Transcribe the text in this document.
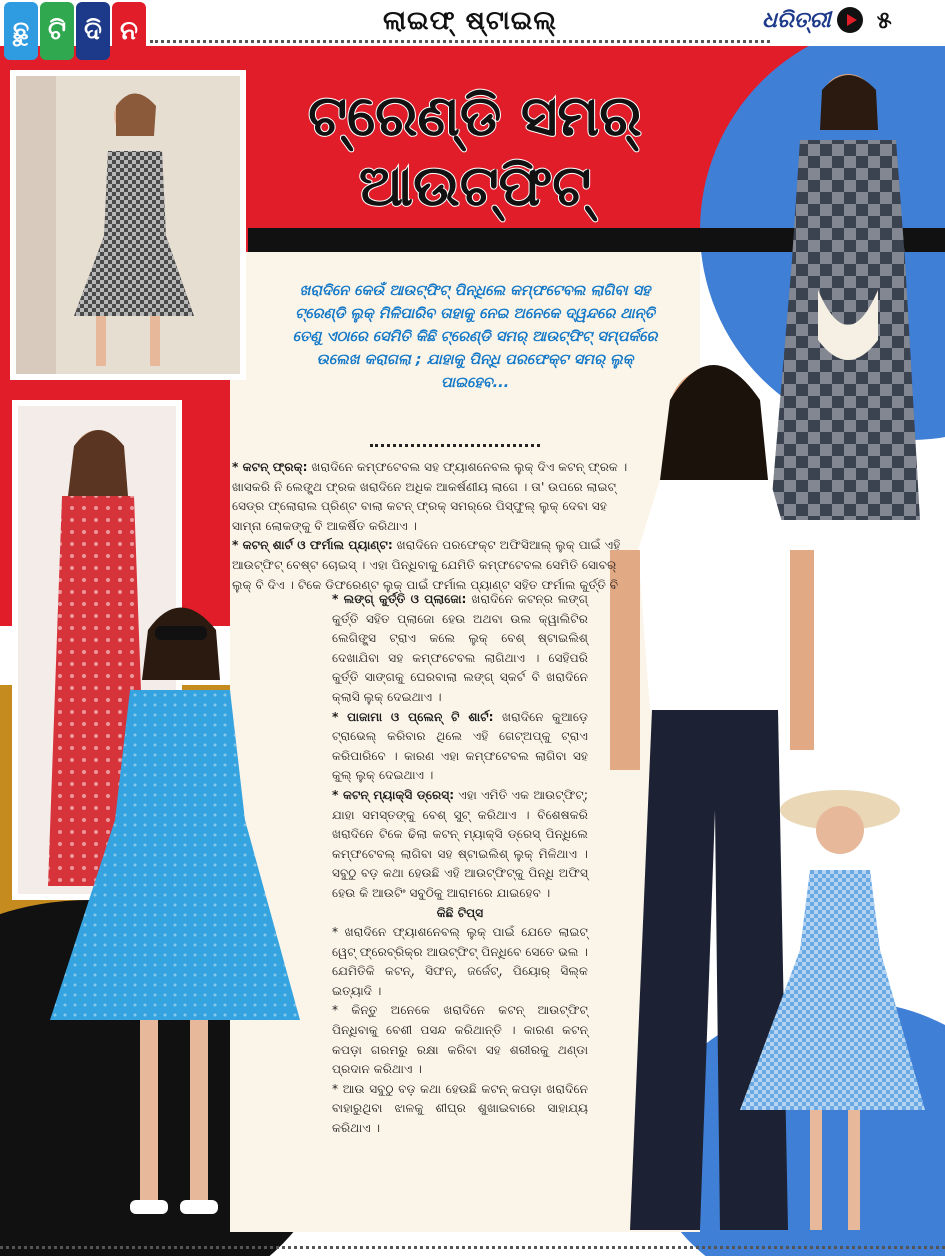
ଛୁ ଟି ଦି ନ	ଲାଇଫ୍ ଷ୍ଟାଇଲ୍	ଧରିତ୍ରୀ ୫
ଟ୍ରେଣ୍ଡି ସମର୍
ଆଉଟ୍‌ଫିଟ୍
ଖରାଦିନେ କେଉଁ ଆଉଟ୍‌ଫିଟ୍ ପିନ୍ଧିଲେ କମ୍ଫଟେବଲ ଲାଗିବା ସହ ଟ୍ରେଣ୍ଡି ଲୁକ୍ ମିଳିପାରିବ ତାହାକୁ ନେଇ ଅନେକେ ଦ୍ୱନ୍ଦରେ ଥାନ୍ତି ତେଣୁ ଏଠାରେ ସେମିତି କିଛି ଟ୍ରେଣ୍ଡି ସମର୍ ଆଉଟ୍‌ଫିଟ୍ ସମ୍ପର୍କରେ ଉଲେଖ କରାଗଲା ; ଯାହାକୁ ପିନ୍ଧି ପରଫେକ୍ଟ ସମର୍ ଲୁକ୍ ପାଇହେବ...

* କଟନ୍ ଫ୍ରକ୍: ଖରାଦିନେ କମ୍ଫଟେବଲ ସହ ଫ୍ୟାଶନେବଲ ଲୁକ୍ ଦିଏ କଟନ୍ ଫ୍ରକ । ଖାସକରି ନି ଲେଙ୍ଗ୍ଥ ଫ୍ରକ ଖରାଦିନେ ଅଧିକ ଆକର୍ଷଣୀୟ ଲାଗେ । ତା' ଉପରେ ଲାଇଟ୍ ସେଡ୍‌ର ଫ୍ଲୋରାଲ ପ୍ରିଣ୍ଟ ବାଲା କଟନ୍ ଫ୍ରକ୍ ସମର୍‌ରେ ପିସ୍‌ଫୁଲ୍ ଲୁକ୍ ଦେବା ସହ ସାମ୍ନା ଲୋକଙ୍କୁ ବି ଆକର୍ଷିତ କରିଥାଏ ।

* କଟନ୍ ଶାର୍ଟ ଓ ଫର୍ମାଲ ପ୍ୟାଣ୍ଟ: ଖରାଦିନେ ପରଫେକ୍ଟ ଅଫିସିଆଲ୍ ଲୁକ୍ ପାଇଁ ଏହି ଆଉଟ୍‌ଫିଟ୍ ବେଷ୍ଟ ଚୋଇସ୍ । ଏହା ପିନ୍ଧିବାକୁ ଯେମିତି କମ୍ଫଟେବଲ ସେମିତି ସୋବର୍ ଲୁକ୍ ବି ଦିଏ । ଟିକେ ଡିଫରେଣ୍ଟ ଲୁକ୍ ପାଇଁ ଫର୍ମାଲ ପ୍ୟାଣ୍ଟ ସହିତ ଫର୍ମାଲ କୁର୍ତ୍ତି ବି

* ଲଙ୍ଗ୍ କୁର୍ତ୍ତି ଓ ପ୍ଲାଜୋ: ଖରାଦିନେ କଟନ୍‌ର ଲଙ୍ଗ୍ କୁର୍ତ୍ତି ସହିତ ପ୍ଲାଜୋ ହେଉ ଅଥବା ଉଲ କ୍ୱାଲିଟିର ଲେଗିଙ୍ଗ୍ସ ଟ୍ରାଏ କଲେ ଲୁକ୍ ବେଶ୍ ଷ୍ଟାଇଲିଶ୍ ଦେଖାଯିବା ସହ କମ୍ଫଟେବଲ ଲାଗିଥାଏ । ସେହିପରି କୁର୍ତ୍ତି ସାଙ୍ଗକୁ ଘେରବାଲା ଲଙ୍ଗ୍ ସ୍କର୍ଟ ବି ଖରାଦିନେ କ୍ଲାସି ଲୁକ୍ ଦେଇଥାଏ ।

* ପାଜାମା ଓ ପ୍ଲେନ୍ ଟି ଶାର୍ଟ: ଖରାଦିନେ କୁଆଡ଼େ ଟ୍ରାଭେଲ୍ କରିବାର ଥିଲେ ଏହି ଗେଟ୍‌ଅପ୍‌କୁ ଟ୍ରାଏ କରିପାରିବେ । କାରଣ ଏହା କମ୍ଫଟେବଲ ଲାଗିବା ସହ କୁଲ୍ ଲୁକ୍ ଦେଇଥାଏ ।

* କଟନ୍ ମ୍ୟାକ୍ସି ଡ୍ରେସ୍: ଏହା ଏମିତି ଏକ ଆଉଟ୍‌ଫିଟ୍; ଯାହା ସମସ୍ତଙ୍କୁ ବେଶ୍ ସୁଟ୍ କରିଥାଏ । ବିଶେଷକରି ଖରାଦିନେ ଟିକେ ଢିଲା କଟନ୍ ମ୍ୟାକ୍ସି ଡ୍ରେସ୍ ପିନ୍ଧିଲେ କମ୍ଫଟେବଲ୍ ଲାଗିବା ସହ ଷ୍ଟାଇଲିଶ୍ ଲୁକ୍ ମିଳିଥାଏ । ସବୁଠୁ ବଡ଼ କଥା ହେଉଛି ଏହି ଆଉଟ୍‌ଫିଟ୍‌କୁ ପିନ୍ଧି ଅଫିସ୍ ହେଉ କି ଆଉଟିଂ ସବୁଠିକୁ ଆରାମରେ ଯାଇହେବ ।

କିଛି ଟିପ୍ସ

* ଖରାଦିନେ ଫ୍ୟାଶନେବଲ୍ ଲୁକ୍ ପାଇଁ ଯେତେ ଲାଇଟ୍ ୱେଟ୍ ଫ୍ରେବ୍ରିକ୍‌ର ଆଉଟ୍‌ଫିଟ୍ ପିନ୍ଧିବେ ସେତେ ଭଲ । ଯେମିତିକି କଟନ୍, ସିଫନ୍, ଜର୍ଜେଟ୍, ପିୟୋର୍ ସିଲ୍କ ଇତ୍ୟାଦି ।

* କିନ୍ତୁ ଅନେକେ ଖରାଦିନେ କଟନ୍ ଆଉଟ୍‌ଫିଟ୍ ପିନ୍ଧିବାକୁ ବେଶୀ ପସନ୍ଦ କରିଥାନ୍ତି । କାରଣ କଟନ୍ କପଡ଼ା ଗରମରୁ ରକ୍ଷା କରିବା ସହ ଶରୀରକୁ ଥଣ୍ଡା ପ୍ରଦାନ କରିଥାଏ ।

* ଆଉ ସବୁଠୁ ବଡ଼ କଥା ହେଉଛି କଟନ୍ କପଡ଼ା ଖରାଦିନେ ବାହାରୁଥିବା ଝାଳକୁ ଶୀଘ୍ର ଶୁଖାଇବାରେ ସାହାଯ୍ୟ କରିଥାଏ ।
